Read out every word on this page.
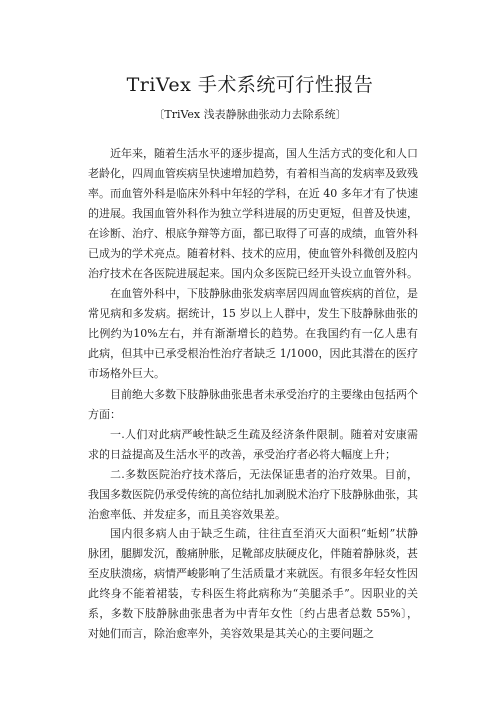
TriVex 手术系统可行性报告
〔TriVex 浅表静脉曲张动力去除系统〕

近年来，随着生活水平的逐步提高，国人生活方式的变化和人口老龄化，四周血管疾病呈快速增加趋势，有着相当高的发病率及致残率。而血管外科是临床外科中年轻的学科，在近 40 多年才有了快速的进展。我国血管外科作为独立学科进展的历史更短，但普及快速，在诊断、治疗、根底争辩等方面，都已取得了可喜的成绩，血管外科已成为的学术亮点。随着材料、技术的应用，使血管外科微创及腔内治疗技术在各医院进展起来。国内众多医院已经开头设立血管外科。

在血管外科中，下肢静脉曲张发病率居四周血管疾病的首位，是常见病和多发病。据统计，15 岁以上人群中，发生下肢静脉曲张的比例约为10%左右，并有渐渐增长的趋势。在我国约有一亿人患有此病，但其中已承受根治性治疗者缺乏 1/1000，因此其潜在的医疗市场格外巨大。

目前绝大多数下肢静脉曲张患者未承受治疗的主要缘由包括两个方面：
一.人们对此病严峻性缺乏生疏及经济条件限制。随着对安康需求的日益提高及生活水平的改善，承受治疗者必将大幅度上升；
二.多数医院治疗技术落后，无法保证患者的治疗效果。目前，我国多数医院仍承受传统的高位结扎加剥脱术治疗下肢静脉曲张，其治愈率低、并发症多，而且美容效果差。

国内很多病人由于缺乏生疏，往往直至消灭大面积“蚯蚓”状静脉团，腿脚发沉，酸痛肿胀，足靴部皮肤硬皮化，伴随着静脉炎，甚至皮肤溃疡，病情严峻影响了生活质量才来就医。有很多年轻女性因此终身不能着裙装，专科医生将此病称为“美腿杀手”。因职业的关系，多数下肢静脉曲张患者为中青年女性〔约占患者总数 55%〕，对她们而言，除治愈率外，美容效果是其关心的主要问题之
